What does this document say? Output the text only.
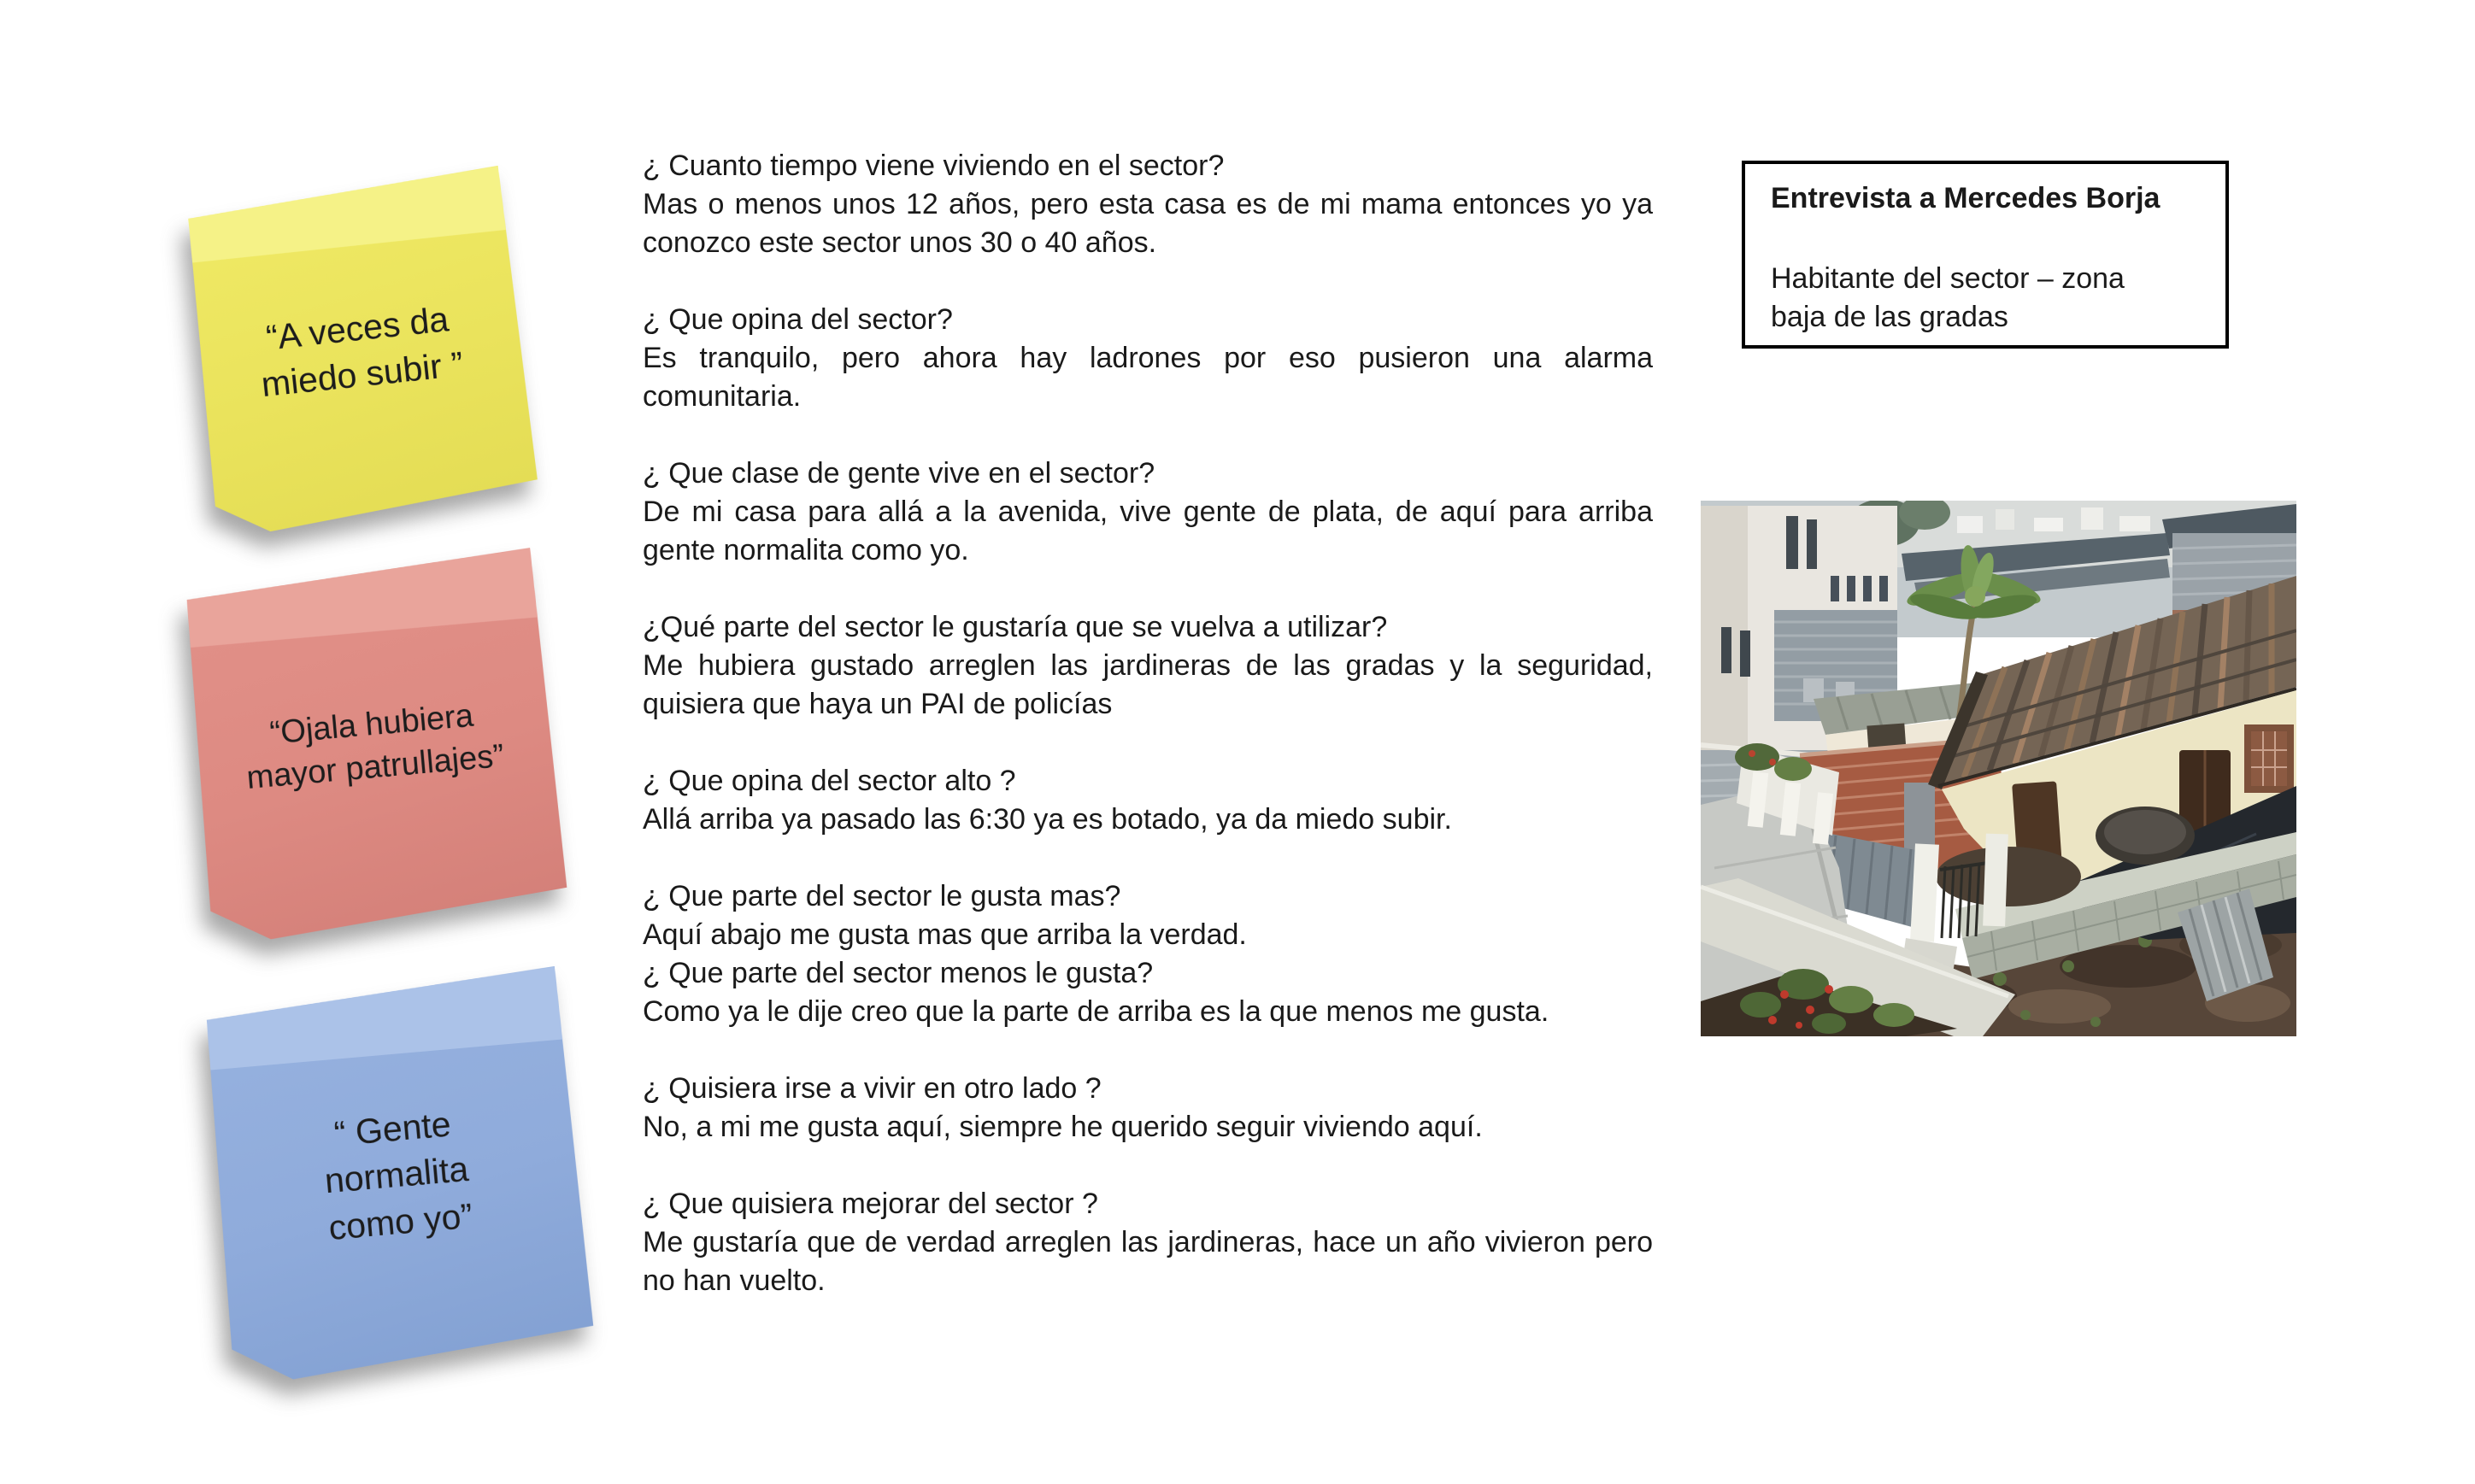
“A veces da
miedo subir ”
“Ojala hubiera
mayor patrullajes”
“ Gente
normalita
como yo”

¿ Cuanto tiempo viene viviendo en el sector?

Mas o menos unos 12 años, pero esta casa es de mi mama entonces yo ya conozco este sector unos 30 o 40 años.

¿ Que opina del sector?

Es tranquilo, pero ahora hay ladrones por eso pusieron una alarma comunitaria.

¿ Que clase de gente vive en el sector?

De mi casa para allá a la avenida, vive gente de plata, de aquí para arriba gente normalita como yo.

¿Qué parte del sector le gustaría que se vuelva a utilizar?

Me hubiera gustado arreglen las jardineras de las gradas y la seguridad, quisiera que haya un PAI de policías

¿ Que opina del sector alto ?

Allá arriba ya pasado las 6:30 ya es botado, ya da miedo subir.

¿ Que parte del sector le gusta mas?

Aquí abajo me gusta mas que arriba la verdad.

¿ Que parte del sector menos le gusta?

Como ya le dije creo que la parte de arriba es la que menos me gusta.

¿ Quisiera irse a vivir en otro lado ?

No, a mi me gusta aquí, siempre he querido seguir viviendo aquí.

¿ Que quisiera mejorar del sector ?

Me gustaría que de verdad arreglen las jardineras, hace un año vivieron pero no han vuelto.

Entrevista a Mercedes Borja

Habitante del sector – zona baja de las gradas
